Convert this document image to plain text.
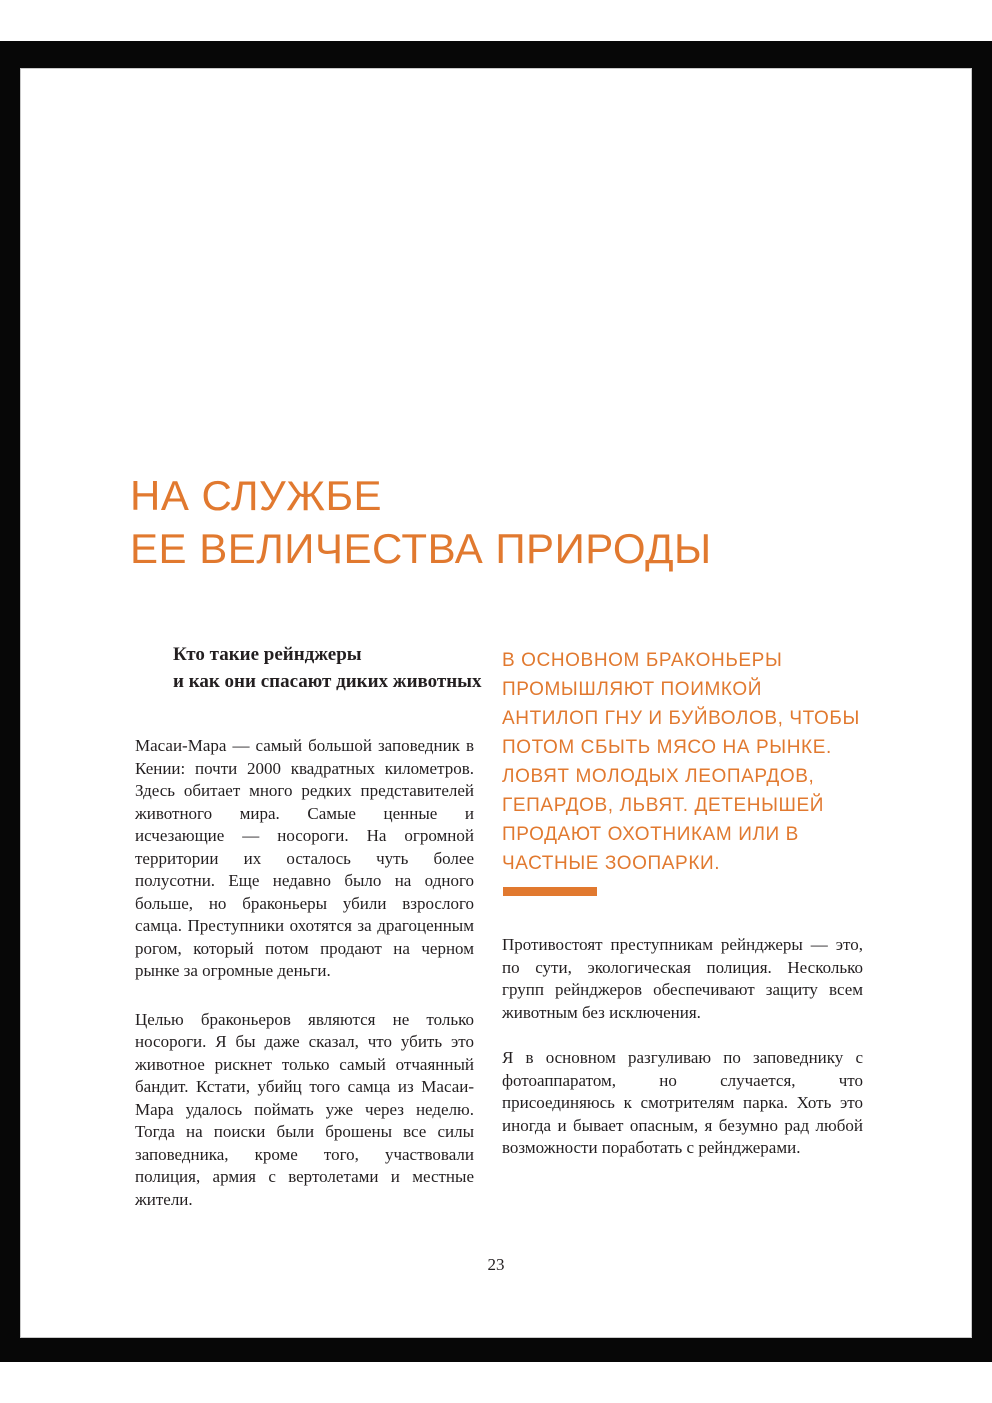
НА СЛУЖБЕ
ЕЕ ВЕЛИЧЕСТВА ПРИРОДЫ
Кто такие рейнджеры
и как они спасают диких животных

Масаи-Мара — самый большой заповедник в Кении: почти 2000 квадратных километров. Здесь обитает много редких представителей животного мира. Самые ценные и исчезающие — носороги. На огромной территории их осталось чуть более полусотни. Еще недавно было на одного больше, но браконьеры убили взрослого самца. Преступники охотятся за драгоценным рогом, который потом продают на черном рынке за огромные деньги.

Целью браконьеров являются не только носороги. Я бы даже сказал, что убить это животное рискнет только самый отчаянный бандит. Кстати, убийц того самца из Масаи-Мара удалось поймать уже через неделю. Тогда на поиски были брошены все силы заповедника, кроме того, участвовали полиция, армия с вертолетами и местные жители.

В ОСНОВНОМ БРАКОНЬЕРЫ ПРОМЫШЛЯЮТ ПОИМКОЙ АНТИЛОП ГНУ И БУЙВОЛОВ, ЧТОБЫ ПОТОМ СБЫТЬ МЯСО НА РЫНКЕ. ЛОВЯТ МОЛОДЫХ ЛЕОПАРДОВ, ГЕПАРДОВ, ЛЬВЯТ. ДЕТЕНЫШЕЙ ПРОДАЮТ ОХОТНИКАМ ИЛИ В ЧАСТНЫЕ ЗООПАРКИ.

Противостоят преступникам рейнджеры — это, по сути, экологическая полиция. Несколько групп рейнджеров обеспечивают защиту всем животным без исключения.

Я в основном разгуливаю по заповеднику с фотоаппаратом, но случается, что присоединяюсь к смотрителям парка. Хоть это иногда и бывает опасным, я безумно рад любой возможности поработать с рейнджерами.

23
